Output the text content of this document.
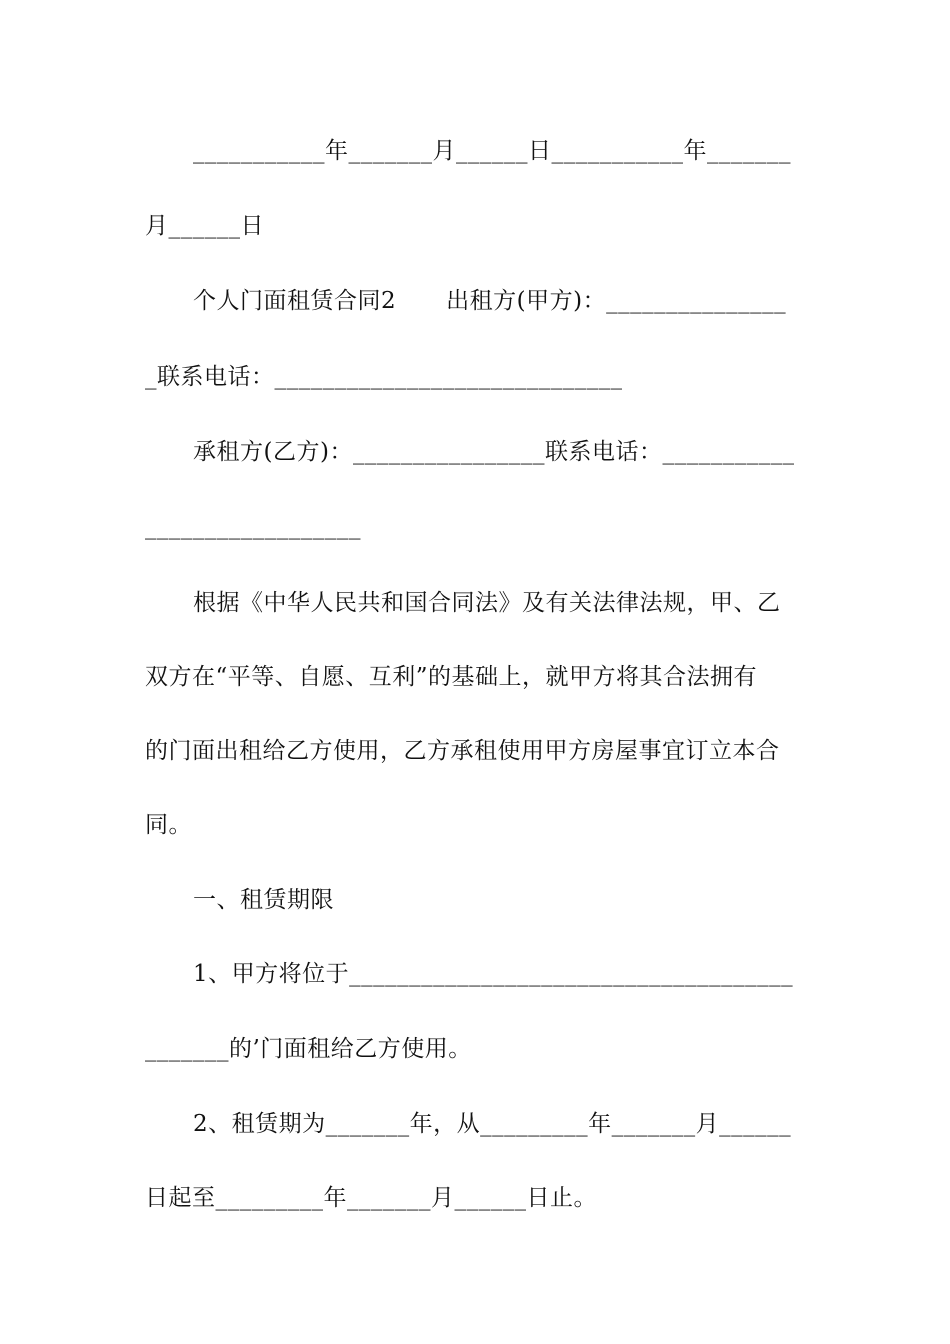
___________年_______月______日___________年_______
月______日
个人门面租赁合同2 出租方(甲方)：_______________
_联系电话：_____________________________
承租方(乙方)：________________联系电话：___________
__________________
根据《中华人民共和国合同法》及有关法律法规，甲、乙
双方在“平等、自愿、互利”的基础上，就甲方将其合法拥有
的门面出租给乙方使用，乙方承租使用甲方房屋事宜订立本合
同。
一、租赁期限
1、甲方将位于_____________________________________
_______的’门面租给乙方使用。
2、租赁期为_______年，从_________年_______月______
日起至_________年_______月______日止。
